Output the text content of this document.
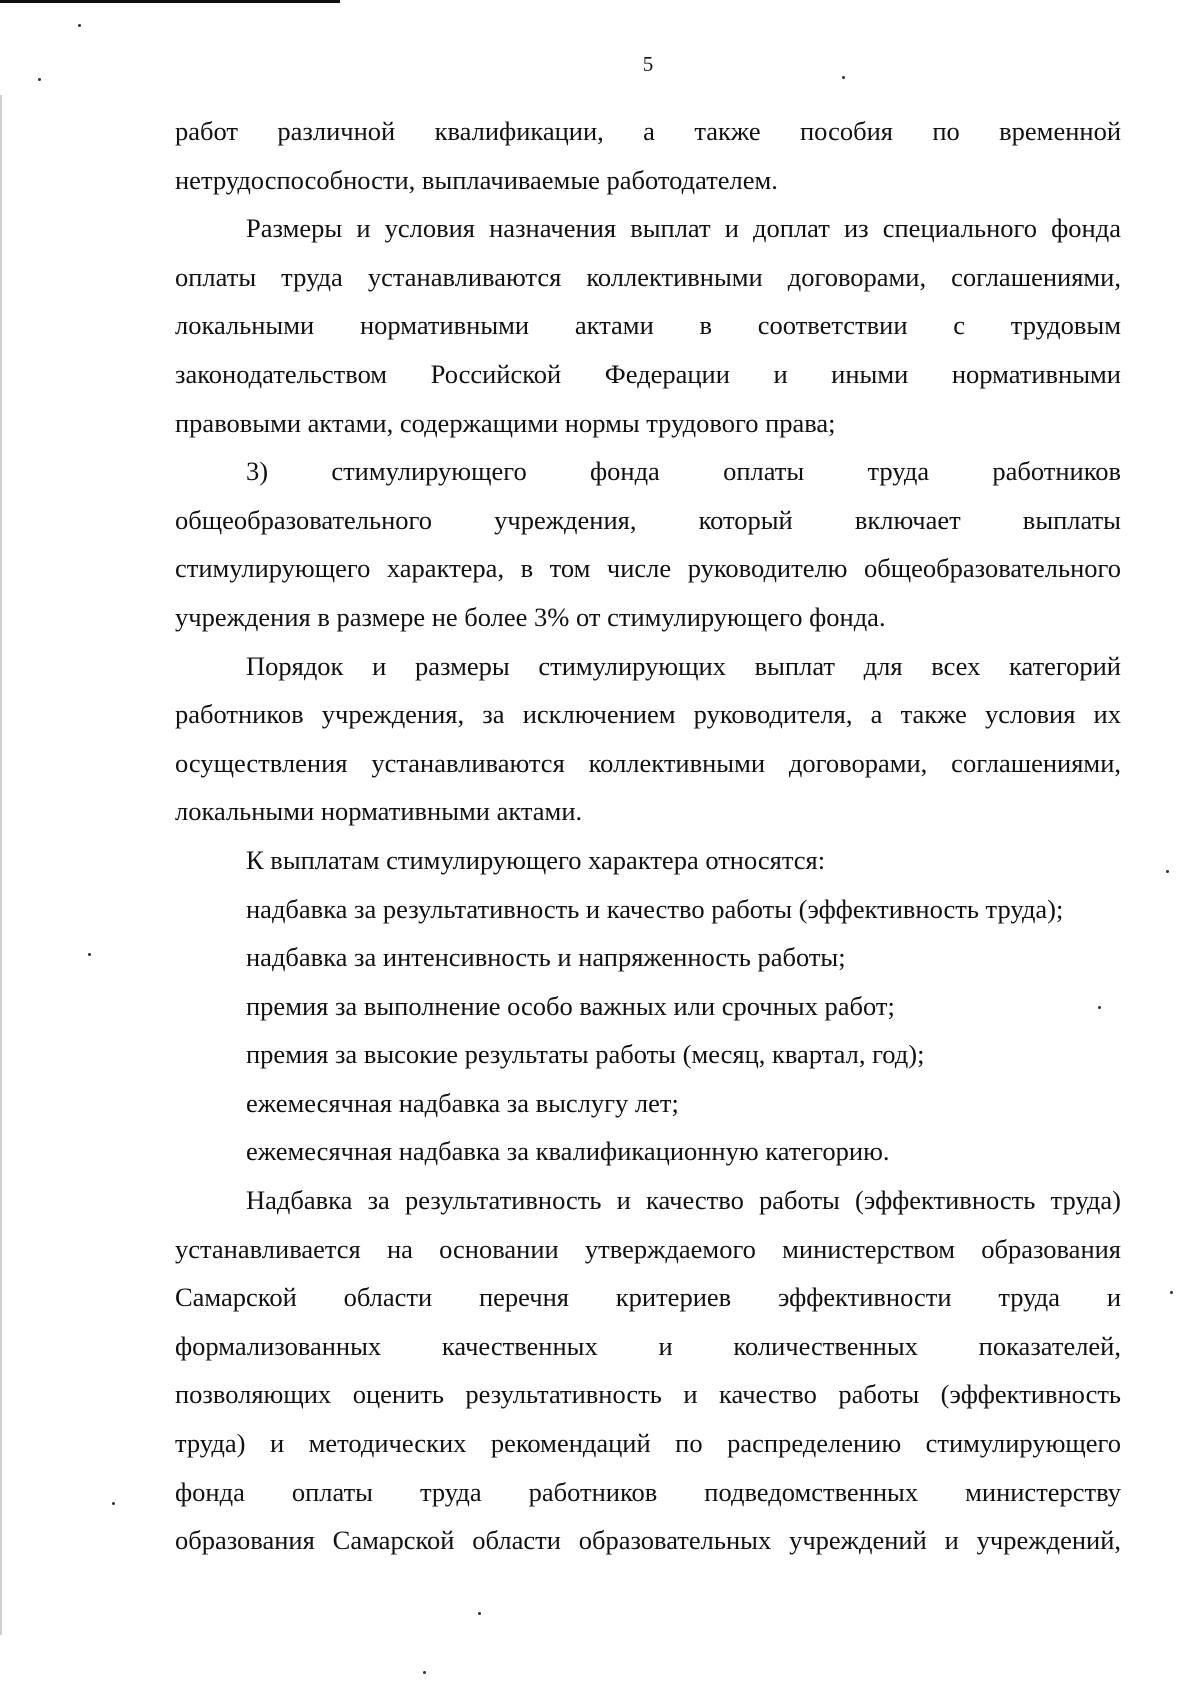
5

работ различной квалификации, а также пособия по временной

нетрудоспособности, выплачиваемые работодателем.

Размеры и условия назначения выплат и доплат из специального фонда

оплаты труда устанавливаются коллективными договорами, соглашениями,

локальными нормативными актами в соответствии с трудовым

законодательством Российской Федерации и иными нормативными

правовыми актами, содержащими нормы трудового права;

3) стимулирующего фонда оплаты труда работников

общеобразовательного учреждения, который включает выплаты

стимулирующего характера, в том числе руководителю общеобразовательного

учреждения в размере не более 3% от стимулирующего фонда.

Порядок и размеры стимулирующих выплат для всех категорий

работников учреждения, за исключением руководителя, а также условия их

осуществления устанавливаются коллективными договорами, соглашениями,

локальными нормативными актами.

К выплатам стимулирующего характера относятся:

надбавка за результативность и качество работы (эффективность труда);

надбавка за интенсивность и напряженность работы;

премия за выполнение особо важных или срочных работ;

премия за высокие результаты работы (месяц, квартал, год);

ежемесячная надбавка за выслугу лет;

ежемесячная надбавка за квалификационную категорию.

Надбавка за результативность и качество работы (эффективность труда)

устанавливается на основании утверждаемого министерством образования

Самарской области перечня критериев эффективности труда и

формализованных качественных и количественных показателей,

позволяющих оценить результативность и качество работы (эффективность

труда) и методических рекомендаций по распределению стимулирующего

фонда оплаты труда работников подведомственных министерству

образования Самарской области образовательных учреждений и учреждений,
